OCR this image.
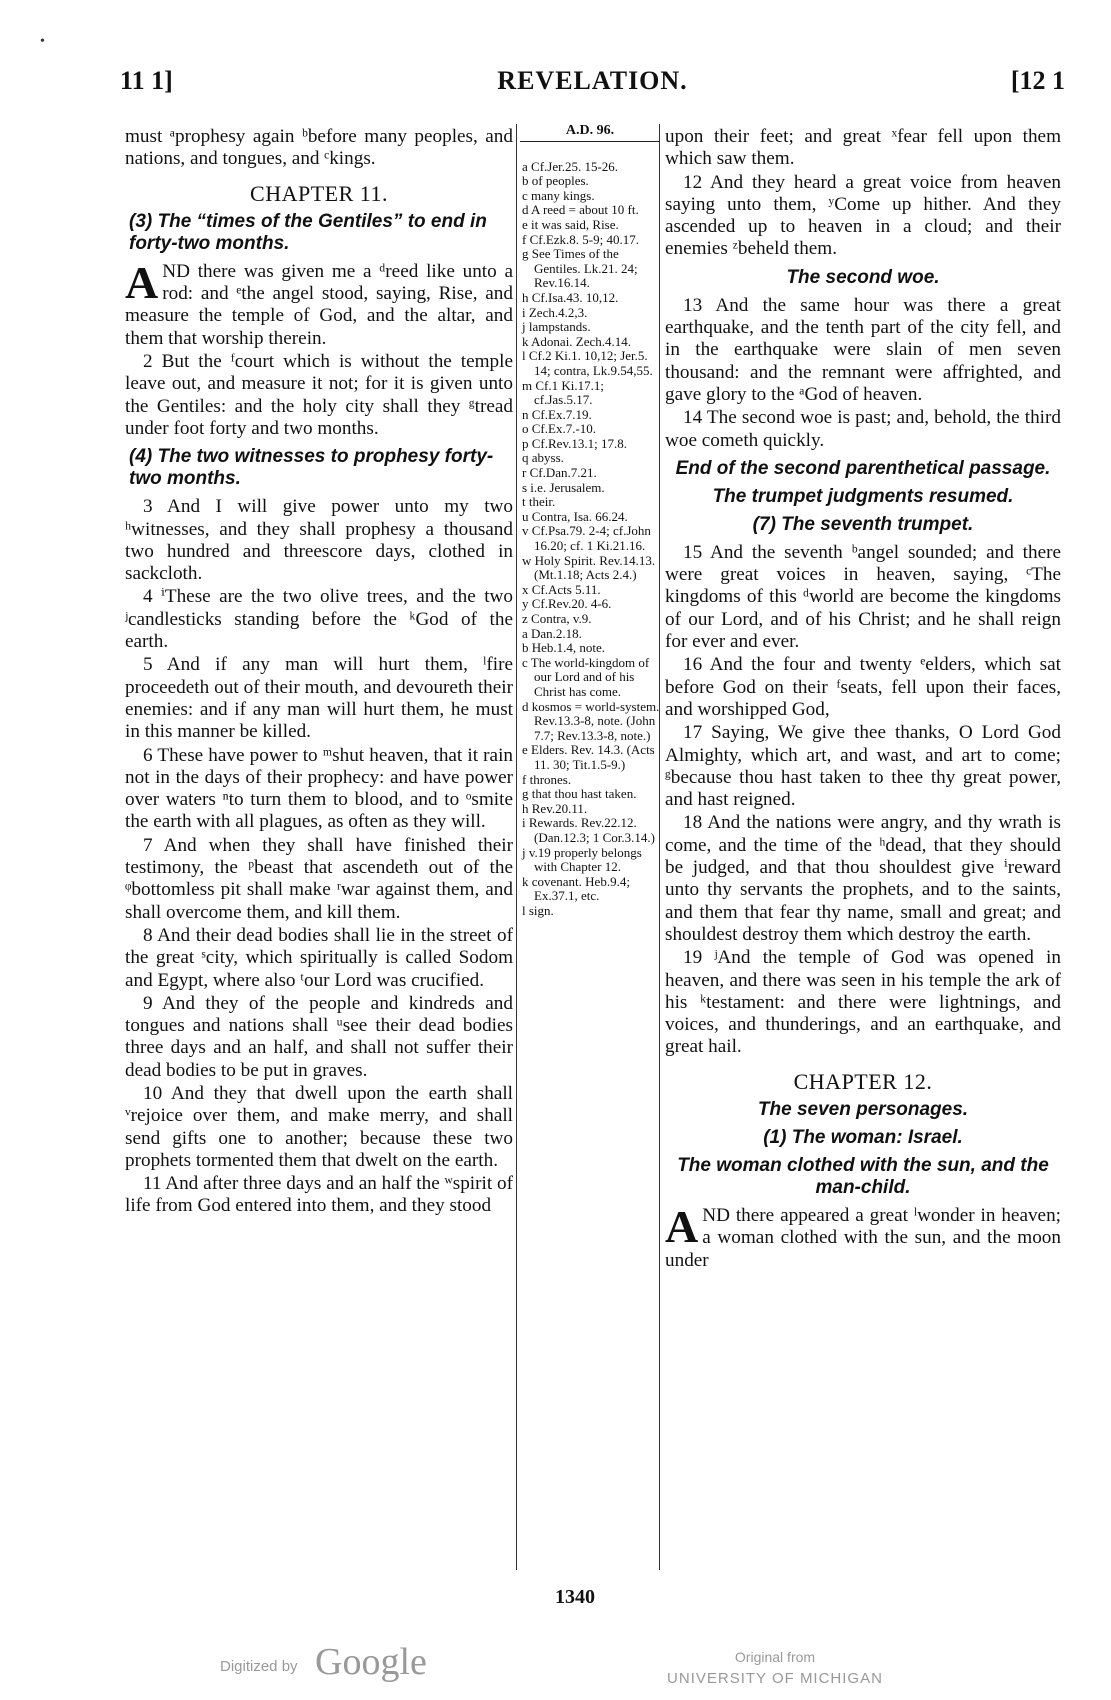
•
11 1]	REVELATION.	[12 1

must ᵃprophesy again ᵇbefore many peoples, and nations, and tongues, and ᶜkings.

CHAPTER 11.
(3) The “times of the Gentiles” to end in forty-two months.

AND there was given me a ᵈreed like unto a rod: and ᵉthe angel stood, saying, Rise, and measure the temple of God, and the altar, and them that worship therein.

2 But the ᶠcourt which is without the temple leave out, and measure it not; for it is given unto the Gentiles: and the holy city shall they ᵍtread under foot forty and two months.

(4) The two witnesses to prophesy forty-two months.

3 And I will give power unto my two ʰwitnesses, and they shall prophesy a thousand two hundred and threescore days, clothed in sackcloth.

4 ⁱThese are the two olive trees, and the two ʲcandlesticks standing before the ᵏGod of the earth.

5 And if any man will hurt them, ˡfire proceedeth out of their mouth, and devoureth their enemies: and if any man will hurt them, he must in this manner be killed.

6 These have power to ᵐshut heaven, that it rain not in the days of their prophecy: and have power over waters ⁿto turn them to blood, and to ᵒsmite the earth with all plagues, as often as they will.

7 And when they shall have finished their testimony, the ᵖbeast that ascendeth out of the ᵠbottomless pit shall make ʳwar against them, and shall overcome them, and kill them.

8 And their dead bodies shall lie in the street of the great ˢcity, which spiritually is called Sodom and Egypt, where also ᵗour Lord was crucified.

9 And they of the people and kindreds and tongues and nations shall ᵘsee their dead bodies three days and an half, and shall not suffer their dead bodies to be put in graves.

10 And they that dwell upon the earth shall ᵛrejoice over them, and make merry, and shall send gifts one to another; because these two prophets tormented them that dwelt on the earth.

11 And after three days and an half the ʷspirit of life from God entered into them, and they stood

A.D. 96.

a Cf.Jer.25. 15-26.

b of peoples.

c many kings.

d A reed = about 10 ft.

e it was said, Rise.

f Cf.Ezk.8. 5-9; 40.17.

g See Times of the Gentiles. Lk.21. 24; Rev.16.14.

h Cf.Isa.43. 10,12.

i Zech.4.2,3.

j lampstands.

k Adonai. Zech.4.14.

l Cf.2 Ki.1. 10,12; Jer.5. 14; contra, Lk.9.54,55.

m Cf.1 Ki.17.1; cf.Jas.5.17.

n Cf.Ex.7.19.

o Cf.Ex.7.-10.

p Cf.Rev.13.1; 17.8.

q abyss.

r Cf.Dan.7.21.

s i.e. Jerusalem.

t their.

u Contra, Isa. 66.24.

v Cf.Psa.79. 2-4; cf.John 16.20; cf. 1 Ki.21.16.

w Holy Spirit. Rev.14.13. (Mt.1.18; Acts 2.4.)

x Cf.Acts 5.11.

y Cf.Rev.20. 4-6.

z Contra, v.9.

a Dan.2.18.

b Heb.1.4, note.

c The world-kingdom of our Lord and of his Christ has come.

d kosmos = world-system. Rev.13.3-8, note. (John 7.7; Rev.13.3-8, note.)

e Elders. Rev. 14.3. (Acts 11. 30; Tit.1.5-9.)

f thrones.

g that thou hast taken.

h Rev.20.11.

i Rewards. Rev.22.12. (Dan.12.3; 1 Cor.3.14.)

j v.19 properly belongs with Chapter 12.

k covenant. Heb.9.4; Ex.37.1, etc.

l sign.

upon their feet; and great ˣfear fell upon them which saw them.

12 And they heard a great voice from heaven saying unto them, ʸCome up hither. And they ascended up to heaven in a cloud; and their enemies ᶻbeheld them.

The second woe.

13 And the same hour was there a great earthquake, and the tenth part of the city fell, and in the earthquake were slain of men seven thousand: and the remnant were affrighted, and gave glory to the ᵃGod of heaven.

14 The second woe is past; and, behold, the third woe cometh quickly.

End of the second parenthetical passage.
The trumpet judgments resumed.
(7) The seventh trumpet.

15 And the seventh ᵇangel sounded; and there were great voices in heaven, saying, ᶜThe kingdoms of this ᵈworld are become the kingdoms of our Lord, and of his Christ; and he shall reign for ever and ever.

16 And the four and twenty ᵉelders, which sat before God on their ᶠseats, fell upon their faces, and worshipped God,

17 Saying, We give thee thanks, O Lord God Almighty, which art, and wast, and art to come; ᵍbecause thou hast taken to thee thy great power, and hast reigned.

18 And the nations were angry, and thy wrath is come, and the time of the ʰdead, that they should be judged, and that thou shouldest give ⁱreward unto thy servants the prophets, and to the saints, and them that fear thy name, small and great; and shouldest destroy them which destroy the earth.

19 ʲAnd the temple of God was opened in heaven, and there was seen in his temple the ark of his ᵏtestament: and there were lightnings, and voices, and thunderings, and an earthquake, and great hail.

CHAPTER 12.
The seven personages.
(1) The woman: Israel.
The woman clothed with the sun, and the man-child.

AND there appeared a great ˡwonder in heaven; a woman clothed with the sun, and the moon under

1340
Digitized by Google	Original from
UNIVERSITY OF MICHIGAN
